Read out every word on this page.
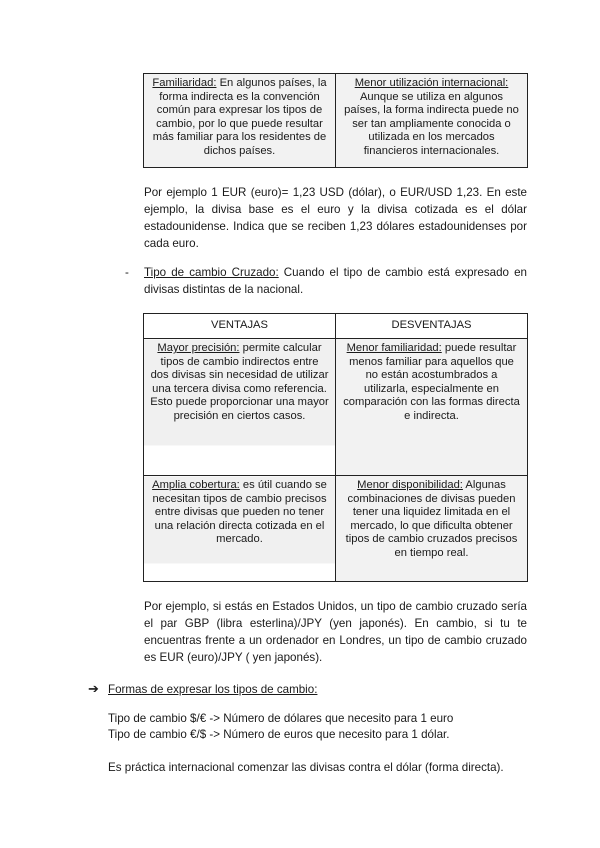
Familiaridad: En algunos países, la forma indirecta es la convención común para expresar los tipos de cambio, por lo que puede resultar más familiar para los residentes de dichos países.	Menor utilización internacional: Aunque se utiliza en algunos países, la forma indirecta puede no ser tan ampliamente conocida o utilizada en los mercados financieros internacionales.
Por ejemplo 1 EUR (euro)= 1,23 USD (dólar), o EUR/USD 1,23. En este ejemplo, la divisa base es el euro y la divisa cotizada es el dólar estadounidense. Indica que se reciben 1,23 dólares estadounidenses por cada euro.
- Tipo de cambio Cruzado: Cuando el tipo de cambio está expresado en divisas distintas de la nacional.
VENTAJAS	DESVENTAJAS
Mayor precisión: permite calcular tipos de cambio indirectos entre dos divisas sin necesidad de utilizar una tercera divisa como referencia. Esto puede proporcionar una mayor precisión en ciertos casos.	Menor familiaridad: puede resultar menos familiar para aquellos que no están acostumbrados a utilizarla, especialmente en comparación con las formas directa e indirecta.
Amplia cobertura: es útil cuando se necesitan tipos de cambio precisos entre divisas que pueden no tener una relación directa cotizada en el mercado.	Menor disponibilidad: Algunas combinaciones de divisas pueden tener una liquidez limitada en el mercado, lo que dificulta obtener tipos de cambio cruzados precisos en tiempo real.
Por ejemplo, si estás en Estados Unidos, un tipo de cambio cruzado sería el par GBP (libra esterlina)/JPY (yen japonés). En cambio, si tu te encuentras frente a un ordenador en Londres, un tipo de cambio cruzado es EUR (euro)/JPY ( yen japonés).
➔ Formas de expresar los tipos de cambio:
Tipo de cambio $/€ -> Número de dólares que necesito para 1 euro
Tipo de cambio €/$ -> Número de euros que necesito para 1 dólar.
Es práctica internacional comenzar las divisas contra el dólar (forma directa).
